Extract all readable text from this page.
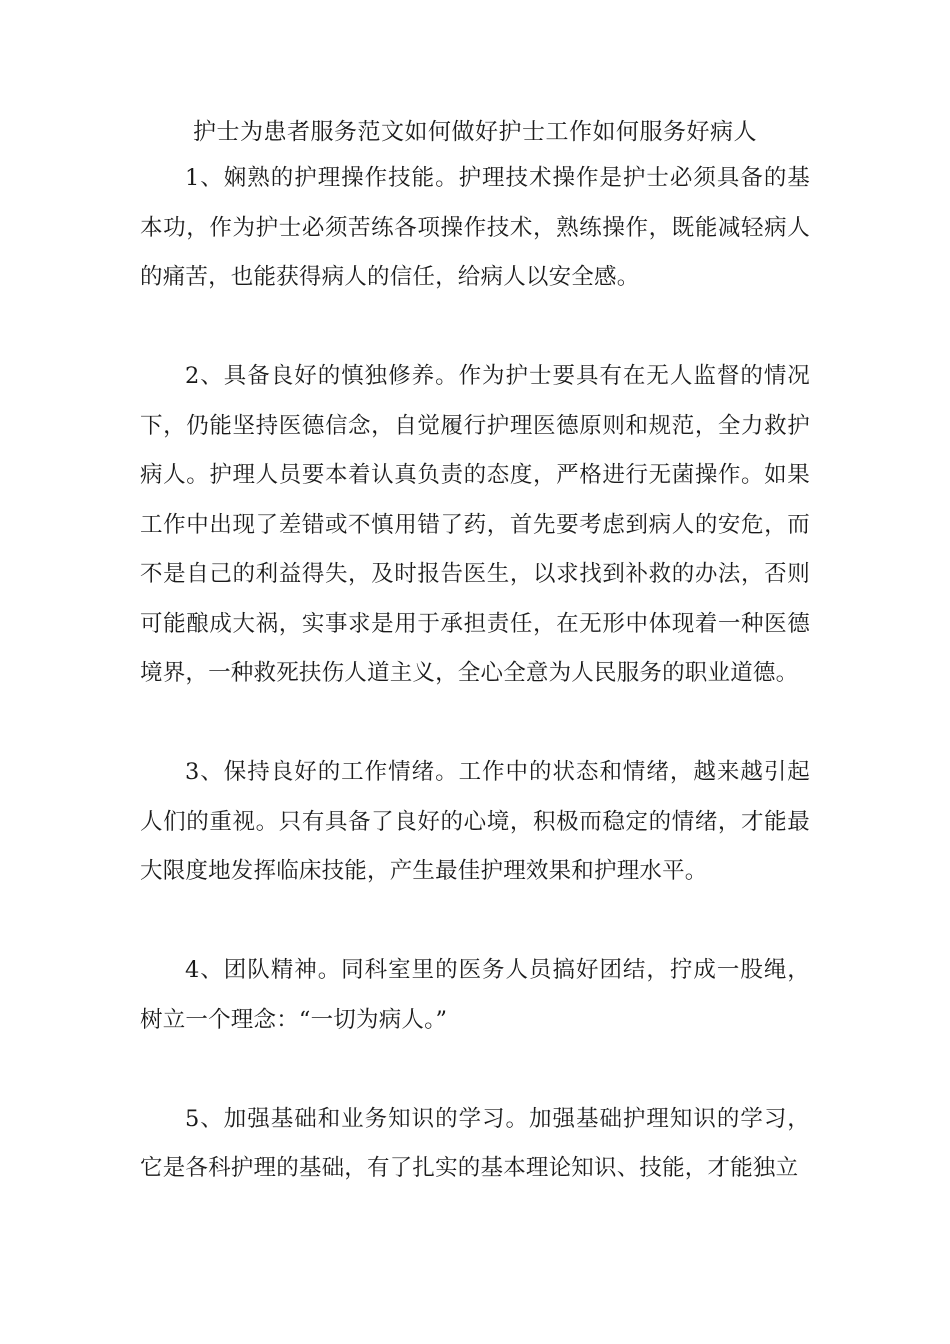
护士为患者服务范文如何做好护士工作如何服务好病人

1、娴熟的护理操作技能。护理技术操作是护士必须具备的基本功，作为护士必须苦练各项操作技术，熟练操作，既能减轻病人的痛苦，也能获得病人的信任，给病人以安全感。

2、具备良好的慎独修养。作为护士要具有在无人监督的情况下，仍能坚持医德信念，自觉履行护理医德原则和规范，全力救护病人。护理人员要本着认真负责的态度，严格进行无菌操作。如果工作中出现了差错或不慎用错了药，首先要考虑到病人的安危，而不是自己的利益得失，及时报告医生，以求找到补救的办法，否则可能酿成大祸，实事求是用于承担责任，在无形中体现着一种医德境界，一种救死扶伤人道主义，全心全意为人民服务的职业道德。

3、保持良好的工作情绪。工作中的状态和情绪，越来越引起人们的重视。只有具备了良好的心境，积极而稳定的情绪，才能最大限度地发挥临床技能，产生最佳护理效果和护理水平。

4、团队精神。同科室里的医务人员搞好团结，拧成一股绳，树立一个理念：“一切为病人。”

5、加强基础和业务知识的学习。加强基础护理知识的学习，它是各科护理的基础，有了扎实的基本理论知识、技能，才能独立
